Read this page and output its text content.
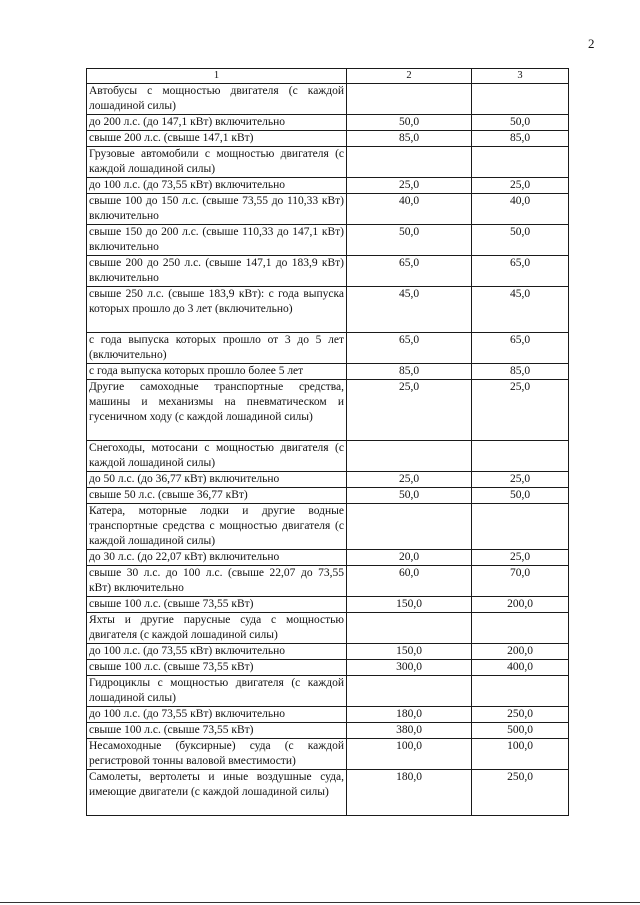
2
1	2	3
Автобусы с мощностью двигателя (с каждой лошадиной силы)		
до 200 л.с. (до 147,1 кВт) включительно	50,0	50,0
свыше 200 л.с. (свыше 147,1 кВт)	85,0	85,0
Грузовые автомобили с мощностью двигателя (с каждой лошадиной силы)		
до 100 л.с. (до 73,55 кВт) включительно	25,0	25,0
свыше 100 до 150 л.с. (свыше 73,55 до 110,33 кВт) включительно	40,0	40,0
свыше 150 до 200 л.с. (свыше 110,33 до 147,1 кВт) включительно	50,0	50,0
свыше 200 до 250 л.с. (свыше 147,1 до 183,9 кВт) включительно	65,0	65,0
свыше 250 л.с. (свыше 183,9 кВт): с года выпуска которых прошло до 3 лет (включительно)	45,0	45,0
с года выпуска которых прошло от 3 до 5 лет (включительно)	65,0	65,0
с года выпуска которых прошло более 5 лет	85,0	85,0
Другие самоходные транспортные средства, машины и механизмы на пневматическом и гусеничном ходу (с каждой лошадиной силы)	25,0	25,0
Снегоходы, мотосани с мощностью двигателя (с каждой лошадиной силы)		
до 50 л.с. (до 36,77 кВт) включительно	25,0	25,0
свыше 50 л.с. (свыше 36,77 кВт)	50,0	50,0
Катера, моторные лодки и другие водные транспортные средства с мощностью двигателя (с каждой лошадиной силы)		
до 30 л.с. (до 22,07 кВт) включительно	20,0	25,0
свыше 30 л.с. до 100 л.с. (свыше 22,07 до 73,55 кВт) включительно	60,0	70,0
свыше 100 л.с. (свыше 73,55 кВт)	150,0	200,0
Яхты и другие парусные суда с мощностью двигателя (с каждой лошадиной силы)		
до 100 л.с. (до 73,55 кВт) включительно	150,0	200,0
свыше 100 л.с. (свыше 73,55 кВт)	300,0	400,0
Гидроциклы с мощностью двигателя (с каждой лошадиной силы)		
до 100 л.с. (до 73,55 кВт) включительно	180,0	250,0
свыше 100 л.с. (свыше 73,55 кВт)	380,0	500,0
Несамоходные (буксирные) суда (с каждой регистровой тонны валовой вместимости)	100,0	100,0
Самолеты, вертолеты и иные воздушные суда, имеющие двигатели (с каждой лошадиной силы)	180,0	250,0
